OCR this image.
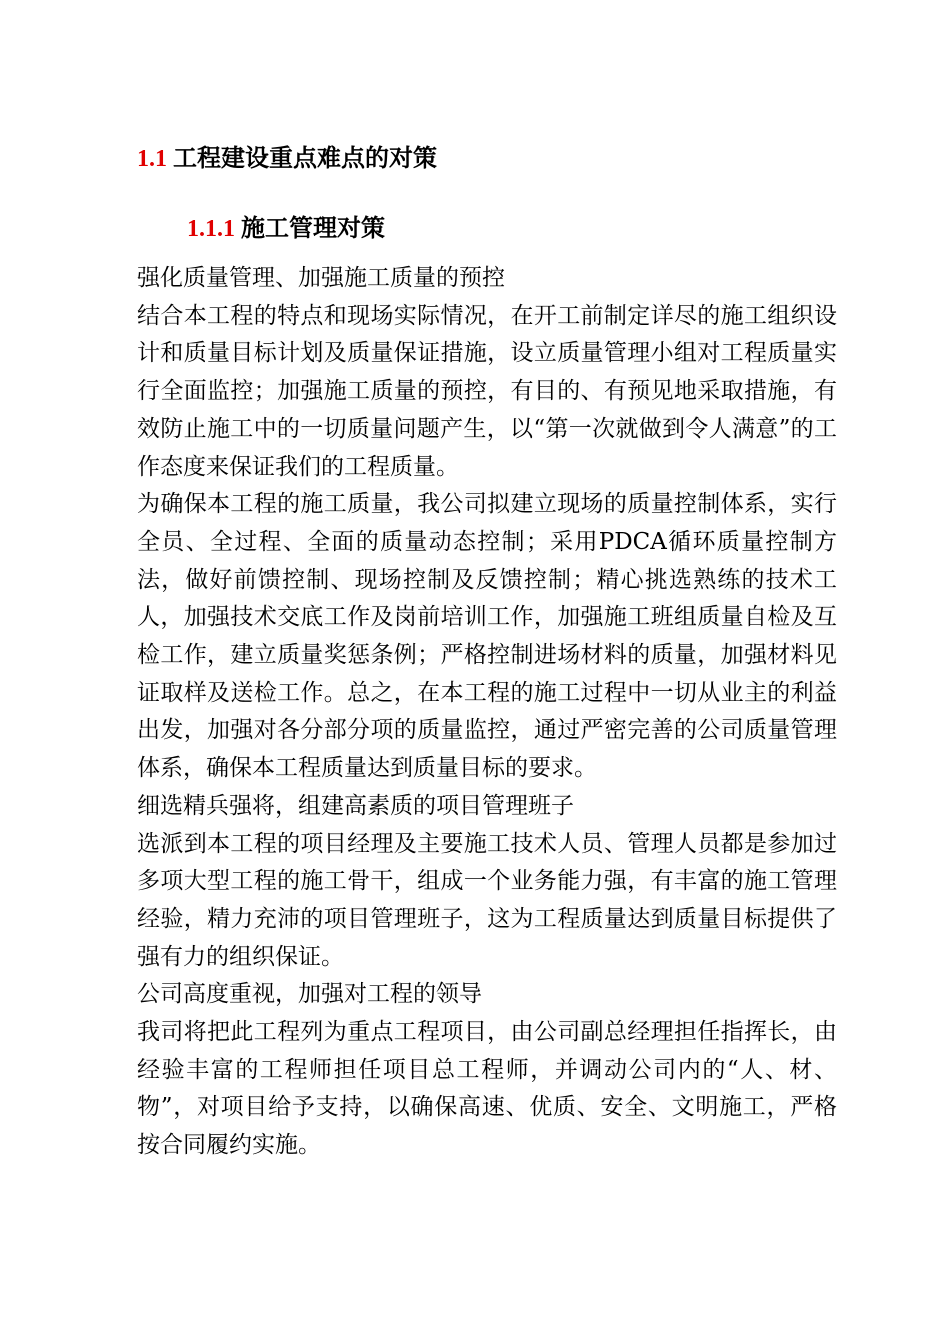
1.1 工程建设重点难点的对策
1.1.1 施工管理对策

强化质量管理、加强施工质量的预控

结合本工程的特点和现场实际情况，在开工前制定详尽的施工组织设计和质量目标计划及质量保证措施，设立质量管理小组对工程质量实行全面监控；加强施工质量的预控，有目的、有预见地采取措施，有效防止施工中的一切质量问题产生，以“第一次就做到令人满意”的工作态度来保证我们的工程质量。

为确保本工程的施工质量，我公司拟建立现场的质量控制体系，实行全员、全过程、全面的质量动态控制；采用PDCA循环质量控制方法，做好前馈控制、现场控制及反馈控制；精心挑选熟练的技术工人，加强技术交底工作及岗前培训工作，加强施工班组质量自检及互检工作，建立质量奖惩条例；严格控制进场材料的质量，加强材料见证取样及送检工作。总之，在本工程的施工过程中一切从业主的利益出发，加强对各分部分项的质量监控，通过严密完善的公司质量管理体系，确保本工程质量达到质量目标的要求。

细选精兵强将，组建高素质的项目管理班子

选派到本工程的项目经理及主要施工技术人员、管理人员都是参加过多项大型工程的施工骨干，组成一个业务能力强，有丰富的施工管理经验，精力充沛的项目管理班子，这为工程质量达到质量目标提供了强有力的组织保证。

公司高度重视，加强对工程的领导

我司将把此工程列为重点工程项目，由公司副总经理担任指挥长，由经验丰富的工程师担任项目总工程师，并调动公司内的“人、材、物”，对项目给予支持，以确保高速、优质、安全、文明施工，严格按合同履约实施。
